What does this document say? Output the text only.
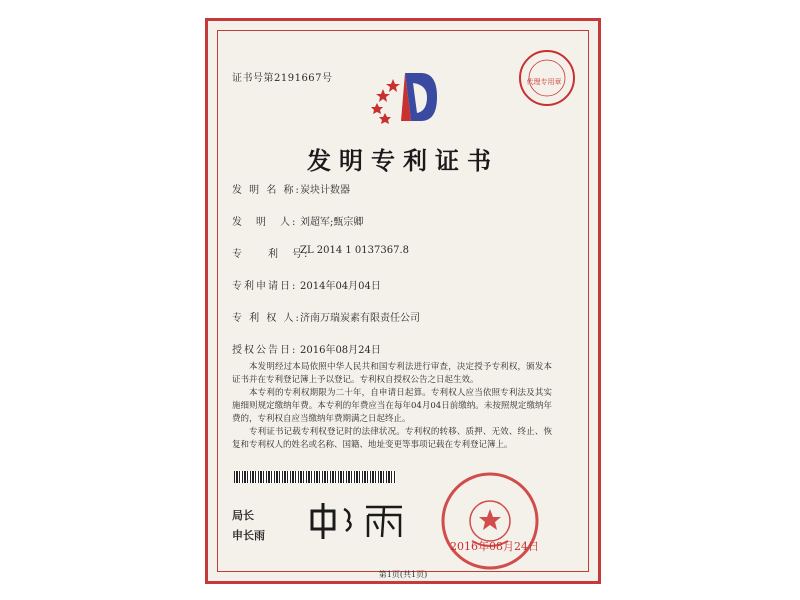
代理专用章
证书号第2191667号
发明专利证书
发 明 名 称: 炭块计数器
发　明　人: 刘超军;甄宗卿
专　　利　号:
ZL 2014 1 0137367.8
专利申请日: 2014年04月04日
专 利 权 人: 济南万瑞炭素有限责任公司
授权公告日: 2016年08月24日
本发明经过本局依照中华人民共和国专利法进行审查，决定授予专利权，颁发本证书并在专利登记簿上予以登记。专利权自授权公告之日起生效。
本专利的专利权期限为二十年，自申请日起算。专利权人应当依照专利法及其实施细则规定缴纳年费。本专利的年费应当在每年04月04日前缴纳。未按照规定缴纳年费的，专利权自应当缴纳年费期满之日起终止。
专利证书记载专利权登记时的法律状况。专利权的转移、质押、无效、终止、恢复和专利权人的姓名或名称、国籍、地址变更等事项记载在专利登记簿上。
局长
申长雨
2016年08月24日
第1页(共1页)
